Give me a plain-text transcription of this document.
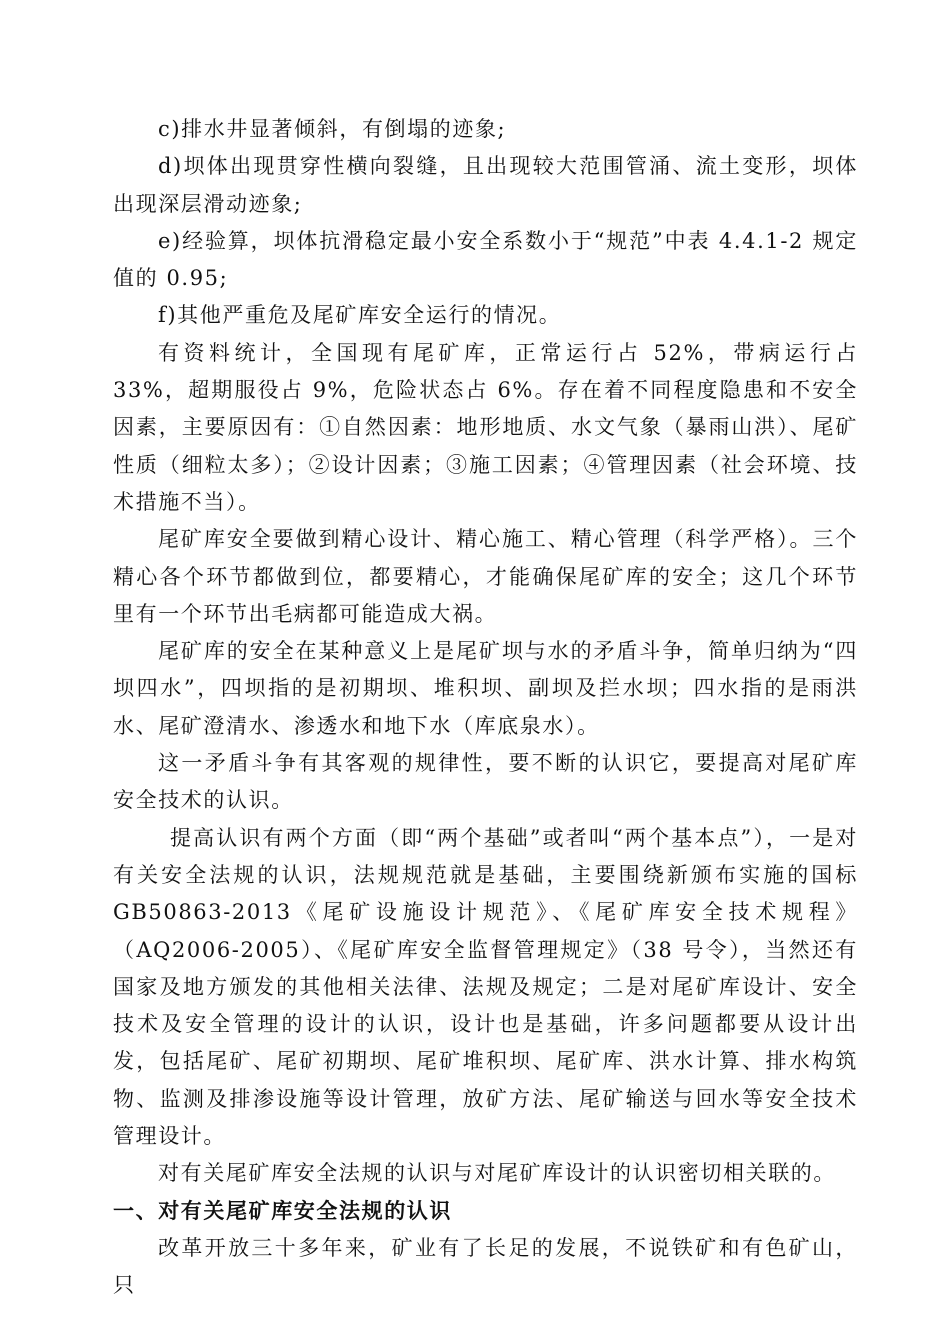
c)排水井显著倾斜，有倒塌的迹象;

d)坝体出现贯穿性横向裂缝，且出现较大范围管涌、流土变形，坝体出现深层滑动迹象;

e)经验算，坝体抗滑稳定最小安全系数小于“规范”中表 4.4.1-2 规定值的 0.95;

f)其他严重危及尾矿库安全运行的情况。

有资料统计，全国现有尾矿库，正常运行占 52%，带病运行占 33%，超期服役占 9%，危险状态占 6%。存在着不同程度隐患和不安全因素，主要原因有：①自然因素：地形地质、水文气象（暴雨山洪）、尾矿性质（细粒太多）；②设计因素；③施工因素；④管理因素（社会环境、技术措施不当）。

尾矿库安全要做到精心设计、精心施工、精心管理（科学严格）。三个精心各个环节都做到位，都要精心，才能确保尾矿库的安全；这几个环节里有一个环节出毛病都可能造成大祸。

尾矿库的安全在某种意义上是尾矿坝与水的矛盾斗争，简单归纳为“四坝四水”，四坝指的是初期坝、堆积坝、副坝及拦水坝；四水指的是雨洪水、尾矿澄清水、渗透水和地下水（库底泉水）。

这一矛盾斗争有其客观的规律性，要不断的认识它，要提高对尾矿库安全技术的认识。

提高认识有两个方面（即“两个基础”或者叫“两个基本点”），一是对有关安全法规的认识，法规规范就是基础，主要围绕新颁布实施的国标 GB50863-2013《尾矿设施设计规范》、《尾矿库安全技术规程》（AQ2006-2005）、《尾矿库安全监督管理规定》（38 号令），当然还有国家及地方颁发的其他相关法律、法规及规定；二是对尾矿库设计、安全技术及安全管理的设计的认识，设计也是基础，许多问题都要从设计出发，包括尾矿、尾矿初期坝、尾矿堆积坝、尾矿库、洪水计算、排水构筑物、监测及排渗设施等设计管理，放矿方法、尾矿输送与回水等安全技术管理设计。

对有关尾矿库安全法规的认识与对尾矿库设计的认识密切相关联的。

一、对有关尾矿库安全法规的认识

改革开放三十多年来，矿业有了长足的发展，不说铁矿和有色矿山，只
